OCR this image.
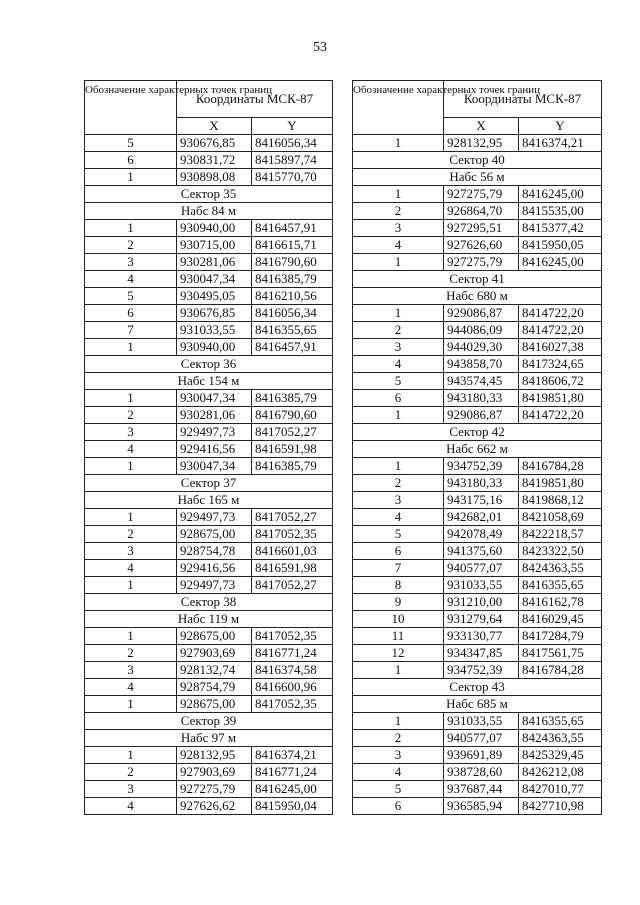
53
Обозначение характерных точек границ	Координаты МСК-87	
	X	Y
5	930676,85	8416056,34
6	930831,72	8415897,74
1	930898,08	8415770,70
Сектор 35		
Набс 84 м		
1	930940,00	8416457,91
2	930715,00	8416615,71
3	930281,06	8416790,60
4	930047,34	8416385,79
5	930495,05	8416210,56
6	930676,85	8416056,34
7	931033,55	8416355,65
1	930940,00	8416457,91
Сектор 36		
Набс 154 м		
1	930047,34	8416385,79
2	930281,06	8416790,60
3	929497,73	8417052,27
4	929416,56	8416591,98
1	930047,34	8416385,79
Сектор 37		
Набс 165 м		
1	929497,73	8417052,27
2	928675,00	8417052,35
3	928754,78	8416601,03
4	929416,56	8416591,98
1	929497,73	8417052,27
Сектор 38		
Набс 119 м		
1	928675,00	8417052,35
2	927903,69	8416771,24
3	928132,74	8416374,58
4	928754,79	8416600,96
1	928675,00	8417052,35
Сектор 39		
Набс 97 м		
1	928132,95	8416374,21
2	927903,69	8416771,24
3	927275,79	8416245,00
4	927626,62	8415950,04
Обозначение характерных точек границ	Координаты МСК-87	
	X	Y
1	928132,95	8416374,21
Сектор 40		
Набс 56 м		
1	927275,79	8416245,00
2	926864,70	8415535,00
3	927295,51	8415377,42
4	927626,60	8415950,05
1	927275,79	8416245,00
Сектор 41		
Набс 680 м		
1	929086,87	8414722,20
2	944086,09	8414722,20
3	944029,30	8416027,38
4	943858,70	8417324,65
5	943574,45	8418606,72
6	943180,33	8419851,80
1	929086,87	8414722,20
Сектор 42		
Набс 662 м		
1	934752,39	8416784,28
2	943180,33	8419851,80
3	943175,16	8419868,12
4	942682,01	8421058,69
5	942078,49	8422218,57
6	941375,60	8423322,50
7	940577,07	8424363,55
8	931033,55	8416355,65
9	931210,00	8416162,78
10	931279,64	8416029,45
11	933130,77	8417284,79
12	934347,85	8417561,75
1	934752,39	8416784,28
Сектор 43		
Набс 685 м		
1	931033,55	8416355,65
2	940577,07	8424363,55
3	939691,89	8425329,45
4	938728,60	8426212,08
5	937687,44	8427010,77
6	936585,94	8427710,98
